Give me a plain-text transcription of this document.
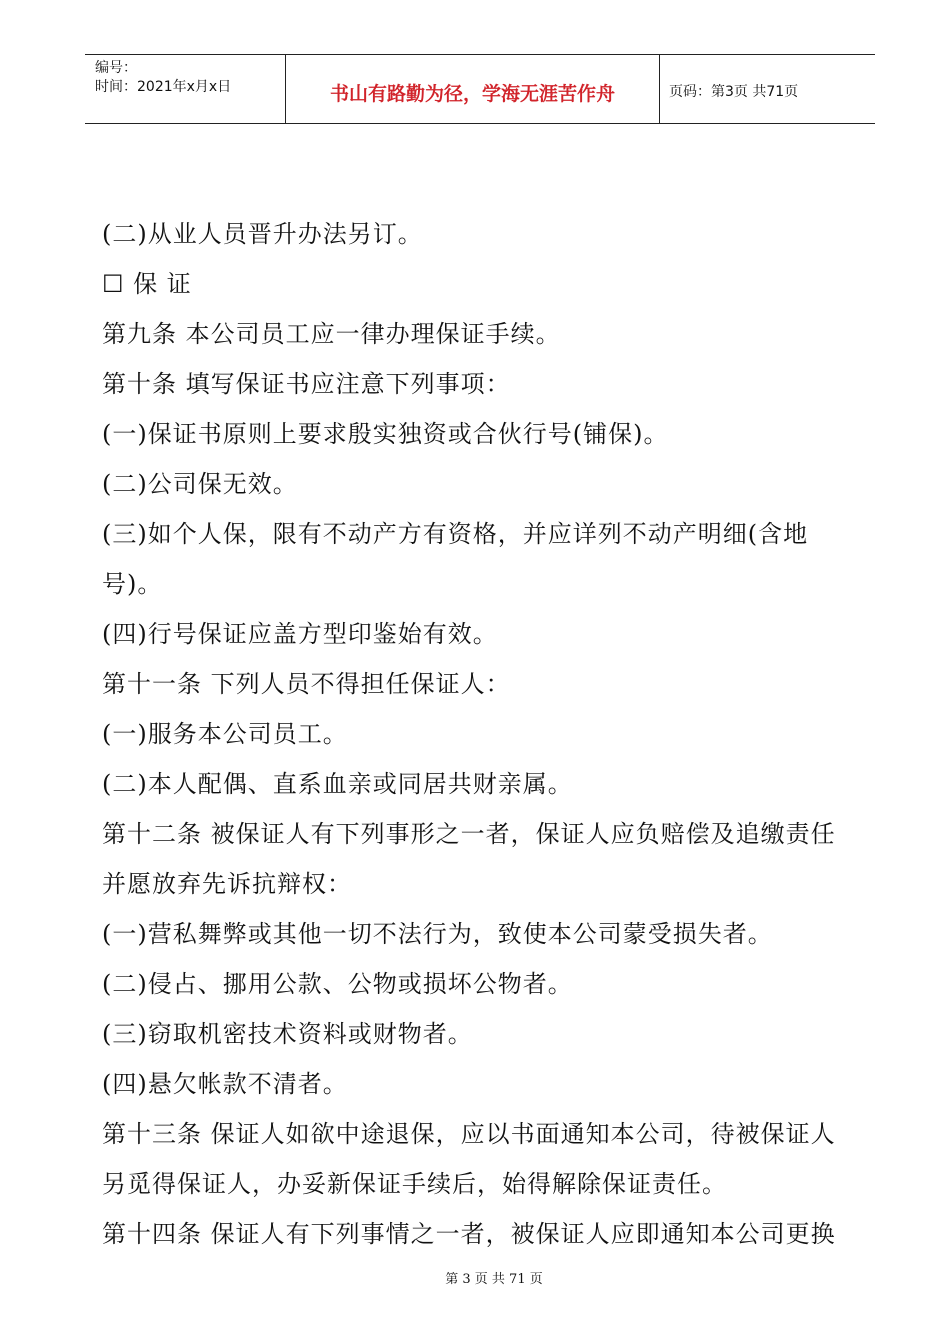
编号：
时间：2021年x月x日	书山有路勤为径，学海无涯苦作舟	页码：第3页 共71页
(二)从业人员晋升办法另订。
☐ 保 证
第九条 本公司员工应一律办理保证手续。
第十条 填写保证书应注意下列事项：
(一)保证书原则上要求殷实独资或合伙行号(铺保)。
(二)公司保无效。
(三)如个人保，限有不动产方有资格，并应详列不动产明细(含地
号)。
(四)行号保证应盖方型印鉴始有效。
第十一条 下列人员不得担任保证人：
(一)服务本公司员工。
(二)本人配偶、直系血亲或同居共财亲属。
第十二条 被保证人有下列事形之一者，保证人应负赔偿及追缴责任
并愿放弃先诉抗辩权：
(一)营私舞弊或其他一切不法行为，致使本公司蒙受损失者。
(二)侵占、挪用公款、公物或损坏公物者。
(三)窃取机密技术资料或财物者。
(四)悬欠帐款不清者。
第十三条 保证人如欲中途退保，应以书面通知本公司，待被保证人
另觅得保证人，办妥新保证手续后，始得解除保证责任。
第十四条 保证人有下列事情之一者，被保证人应即通知本公司更换
第 3 页 共 71 页
